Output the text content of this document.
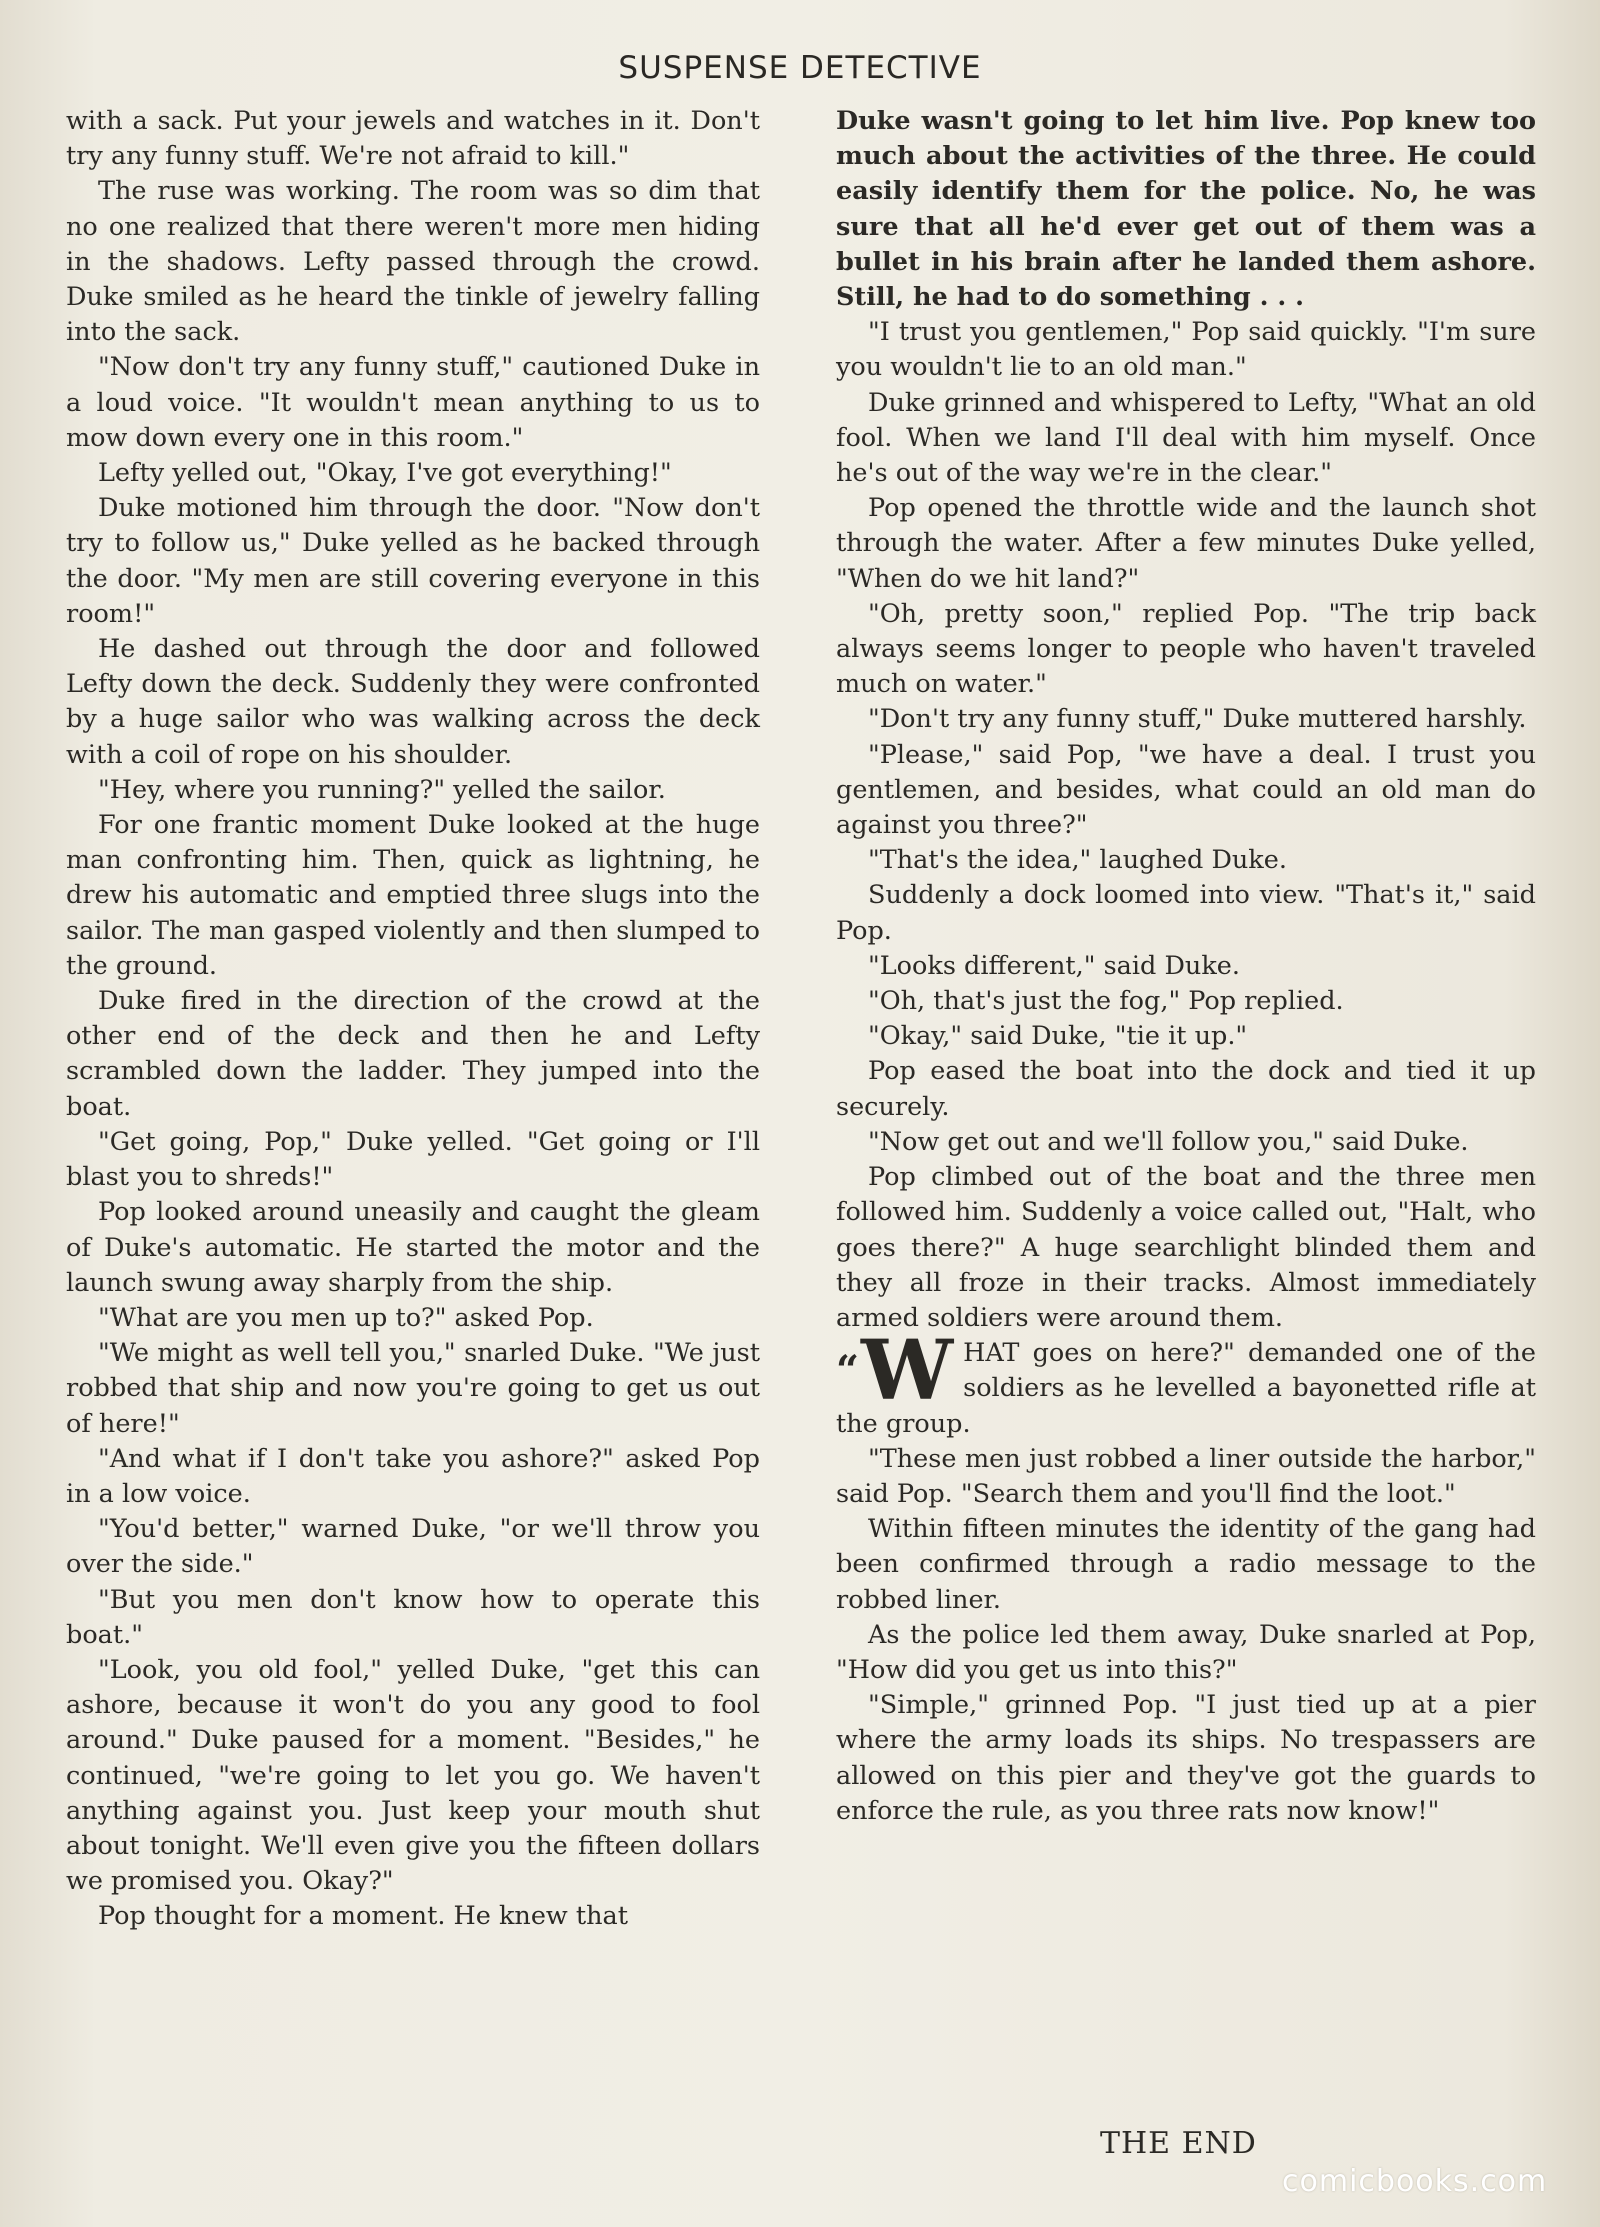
SUSPENSE DETECTIVE

with a sack. Put your jewels and watches in it. Don't try any funny stuff. We're not afraid to kill."

The ruse was working. The room was so dim that no one realized that there weren't more men hiding in the shadows. Lefty passed through the crowd. Duke smiled as he heard the tinkle of jewelry falling into the sack.

"Now don't try any funny stuff," cautioned Duke in a loud voice. "It wouldn't mean anything to us to mow down every one in this room."

Lefty yelled out, "Okay, I've got everything!"

Duke motioned him through the door. "Now don't try to follow us," Duke yelled as he backed through the door. "My men are still covering everyone in this room!"

He dashed out through the door and followed Lefty down the deck. Suddenly they were confronted by a huge sailor who was walking across the deck with a coil of rope on his shoulder.

"Hey, where you running?" yelled the sailor.

For one frantic moment Duke looked at the huge man confronting him. Then, quick as lightning, he drew his automatic and emptied three slugs into the sailor. The man gasped violently and then slumped to the ground.

Duke fired in the direction of the crowd at the other end of the deck and then he and Lefty scrambled down the ladder. They jumped into the boat.

"Get going, Pop," Duke yelled. "Get going or I'll blast you to shreds!"

Pop looked around uneasily and caught the gleam of Duke's automatic. He started the motor and the launch swung away sharply from the ship.

"What are you men up to?" asked Pop.

"We might as well tell you," snarled Duke. "We just robbed that ship and now you're going to get us out of here!"

"And what if I don't take you ashore?" asked Pop in a low voice.

"You'd better," warned Duke, "or we'll throw you over the side."

"But you men don't know how to operate this boat."

"Look, you old fool," yelled Duke, "get this can ashore, because it won't do you any good to fool around." Duke paused for a moment. "Besides," he continued, "we're going to let you go. We haven't anything against you. Just keep your mouth shut about tonight. We'll even give you the fifteen dollars we promised you. Okay?"

Pop thought for a moment. He knew that

Duke wasn't going to let him live. Pop knew too much about the activities of the three. He could easily identify them for the police. No, he was sure that all he'd ever get out of them was a bullet in his brain after he landed them ashore. Still, he had to do something . . .

"I trust you gentlemen," Pop said quickly. "I'm sure you wouldn't lie to an old man."

Duke grinned and whispered to Lefty, "What an old fool. When we land I'll deal with him myself. Once he's out of the way we're in the clear."

Pop opened the throttle wide and the launch shot through the water. After a few minutes Duke yelled, "When do we hit land?"

"Oh, pretty soon," replied Pop. "The trip back always seems longer to people who haven't traveled much on water."

"Don't try any funny stuff," Duke muttered harshly.

"Please," said Pop, "we have a deal. I trust you gentlemen, and besides, what could an old man do against you three?"

"That's the idea," laughed Duke.

Suddenly a dock loomed into view. "That's it," said Pop.

"Looks different," said Duke.

"Oh, that's just the fog," Pop replied.

"Okay," said Duke, "tie it up."

Pop eased the boat into the dock and tied it up securely.

"Now get out and we'll follow you," said Duke.

Pop climbed out of the boat and the three men followed him. Suddenly a voice called out, "Halt, who goes there?" A huge searchlight blinded them and they all froze in their tracks. Almost immediately armed soldiers were around them.

“W HAT goes on here?" demanded one of the soldiers as he levelled a bayonetted rifle at the group.

"These men just robbed a liner outside the harbor," said Pop. "Search them and you'll find the loot."

Within fifteen minutes the identity of the gang had been confirmed through a radio message to the robbed liner.

As the police led them away, Duke snarled at Pop, "How did you get us into this?"

"Simple," grinned Pop. "I just tied up at a pier where the army loads its ships. No trespassers are allowed on this pier and they've got the guards to enforce the rule, as you three rats now know!"

THE END
comicbooks.com
